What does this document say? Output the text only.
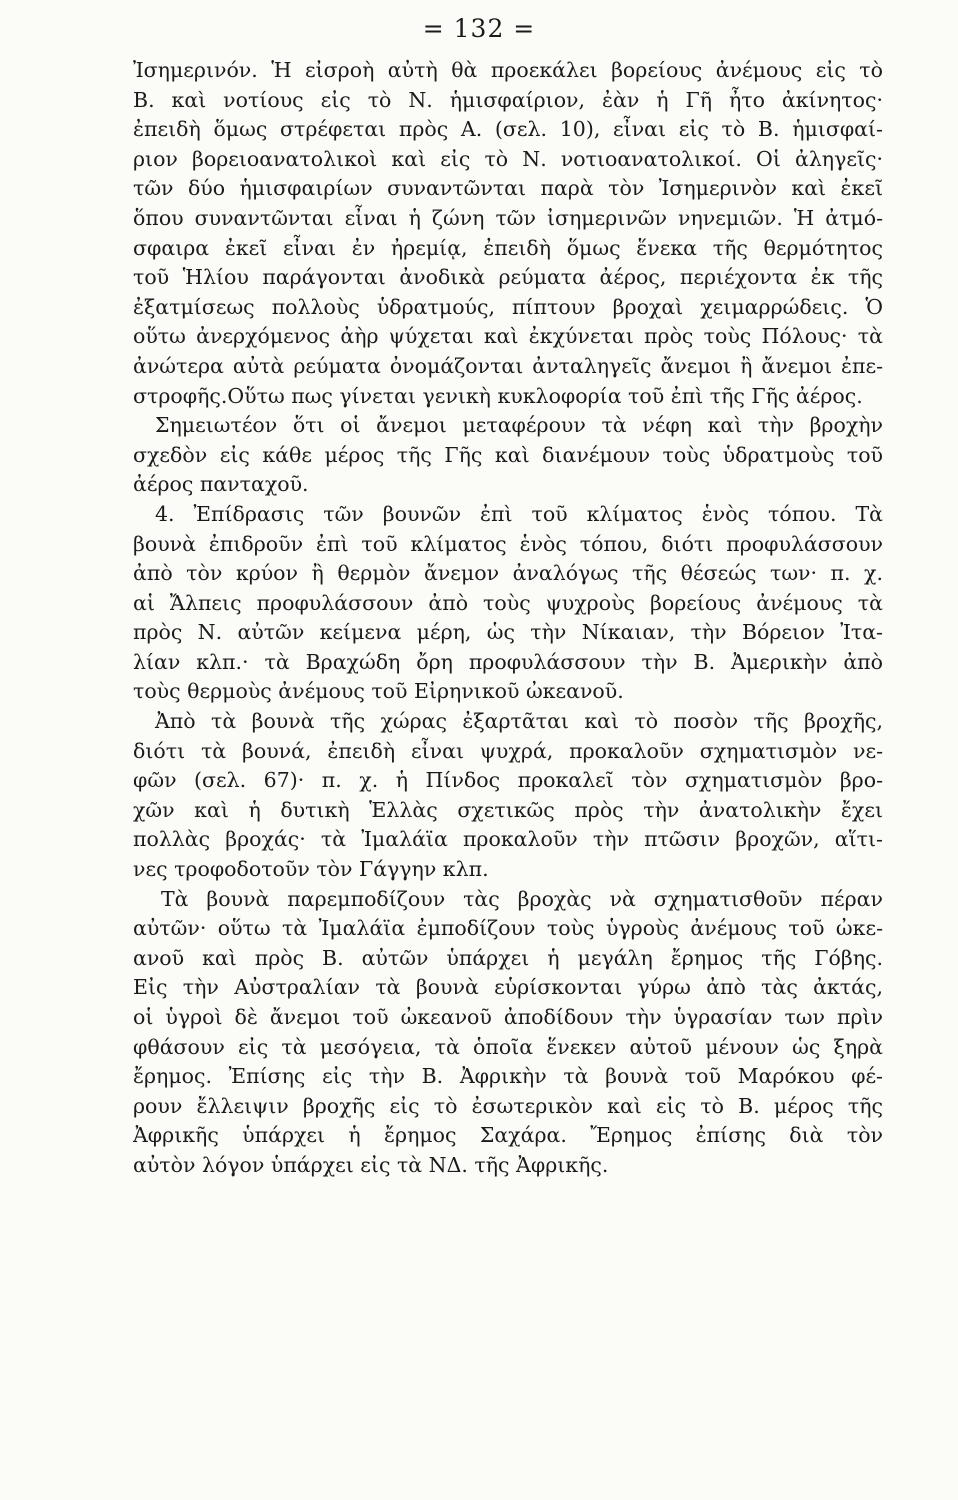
= 132 =
Ἰσημερινόν. Ἡ εἰσροὴ αὐτὴ θὰ προεκάλει βορείους ἀνέμους εἰς τὸ
Β. καὶ νοτίους εἰς τὸ Ν. ἡμισφαίριον, ἐὰν ἡ Γῆ ἦτο ἀκίνητος·
ἐπειδὴ ὅμως στρέφεται πρὸς Α. (σελ. 10), εἶναι εἰς τὸ Β. ἡμισφαί-
ριον βορειοανατολικοὶ καὶ εἰς τὸ Ν. νοτιοανατολικοί. Οἱ ἀληγεῖς·
τῶν δύο ἡμισφαιρίων συναντῶνται παρὰ τὸν Ἰσημερινὸν καὶ ἐκεῖ
ὅπου συναντῶνται εἶναι ἡ ζώνη τῶν ἰσημερινῶν νηνεμιῶν. Ἡ ἀτμό-
σφαιρα ἐκεῖ εἶναι ἐν ἠρεμίᾳ, ἐπειδὴ ὅμως ἕνεκα τῆς θερμότητος
τοῦ Ἡλίου παράγονται ἀνοδικὰ ρεύματα ἀέρος, περιέχοντα ἐκ τῆς
ἐξατμίσεως πολλοὺς ὑδρατμούς, πίπτουν βροχαὶ χειμαρρώδεις. Ὁ
οὕτω ἀνερχόμενος ἀὴρ ψύχεται καὶ ἐκχύνεται πρὸς τοὺς Πόλους· τὰ
ἀνώτερα αὐτὰ ρεύματα ὀνομάζονται ἀνταληγεῖς ἄνεμοι ἢ ἄνεμοι ἐπε-
στροφῆς.Οὕτω πως γίνεται γενικὴ κυκλοφορία τοῦ ἐπὶ τῆς Γῆς ἀέρος.
Σημειωτέον ὅτι οἱ ἄνεμοι μεταφέρουν τὰ νέφη καὶ τὴν βροχὴν
σχεδὸν εἰς κάθε μέρος τῆς Γῆς καὶ διανέμουν τοὺς ὑδρατμοὺς τοῦ
ἀέρος πανταχοῦ.
4. Ἐπίδρασις τῶν βουνῶν ἐπὶ τοῦ κλίματος ἑνὸς τόπου. Τὰ
βουνὰ ἐπιδροῦν ἐπὶ τοῦ κλίματος ἑνὸς τόπου, διότι προφυλάσσουν
ἀπὸ τὸν κρύον ἢ θερμὸν ἄνεμον ἀναλόγως τῆς θέσεώς των· π. χ.
αἱ Ἄλπεις προφυλάσσουν ἀπὸ τοὺς ψυχροὺς βορείους ἀνέμους τὰ
πρὸς Ν. αὐτῶν κείμενα μέρη, ὡς τὴν Νίκαιαν, τὴν Βόρειον Ἰτα-
λίαν κλπ.· τὰ Βραχώδη ὄρη προφυλάσσουν τὴν Β. Ἀμερικὴν ἀπὸ
τοὺς θερμοὺς ἀνέμους τοῦ Εἰρηνικοῦ ὠκεανοῦ.
Ἀπὸ τὰ βουνὰ τῆς χώρας ἐξαρτᾶται καὶ τὸ ποσὸν τῆς βροχῆς,
διότι τὰ βουνά, ἐπειδὴ εἶναι ψυχρά, προκαλοῦν σχηματισμὸν νε-
φῶν (σελ. 67)· π. χ. ἡ Πίνδος προκαλεῖ τὸν σχηματισμὸν βρο-
χῶν καὶ ἡ δυτικὴ Ἑλλὰς σχετικῶς πρὸς τὴν ἀνατολικὴν ἔχει
πολλὰς βροχάς· τὰ Ἰμαλάϊα προκαλοῦν τὴν πτῶσιν βροχῶν, αἵτι-
νες τροφοδοτοῦν τὸν Γάγγην κλπ.
Τὰ βουνὰ παρεμποδίζουν τὰς βροχὰς νὰ σχηματισθοῦν πέραν
αὐτῶν· οὕτω τὰ Ἰμαλάϊα ἐμποδίζουν τοὺς ὑγροὺς ἀνέμους τοῦ ὠκε-
ανοῦ καὶ πρὸς Β. αὐτῶν ὑπάρχει ἡ μεγάλη ἔρημος τῆς Γόβης.
Εἰς τὴν Αὐστραλίαν τὰ βουνὰ εὑρίσκονται γύρω ἀπὸ τὰς ἀκτάς,
οἱ ὑγροὶ δὲ ἄνεμοι τοῦ ὠκεανοῦ ἀποδίδουν τὴν ὑγρασίαν των πρὶν
φθάσουν εἰς τὰ μεσόγεια, τὰ ὁποῖα ἕνεκεν αὐτοῦ μένουν ὡς ξηρὰ
ἔρημος. Ἐπίσης εἰς τὴν Β. Ἀφρικὴν τὰ βουνὰ τοῦ Μαρόκου φέ-
ρουν ἔλλειψιν βροχῆς εἰς τὸ ἐσωτερικὸν καὶ εἰς τὸ Β. μέρος τῆς
Ἀφρικῆς ὑπάρχει ἡ ἔρημος Σαχάρα. Ἔρημος ἐπίσης διὰ τὸν
αὐτὸν λόγον ὑπάρχει εἰς τὰ ΝΔ. τῆς Ἀφρικῆς.
